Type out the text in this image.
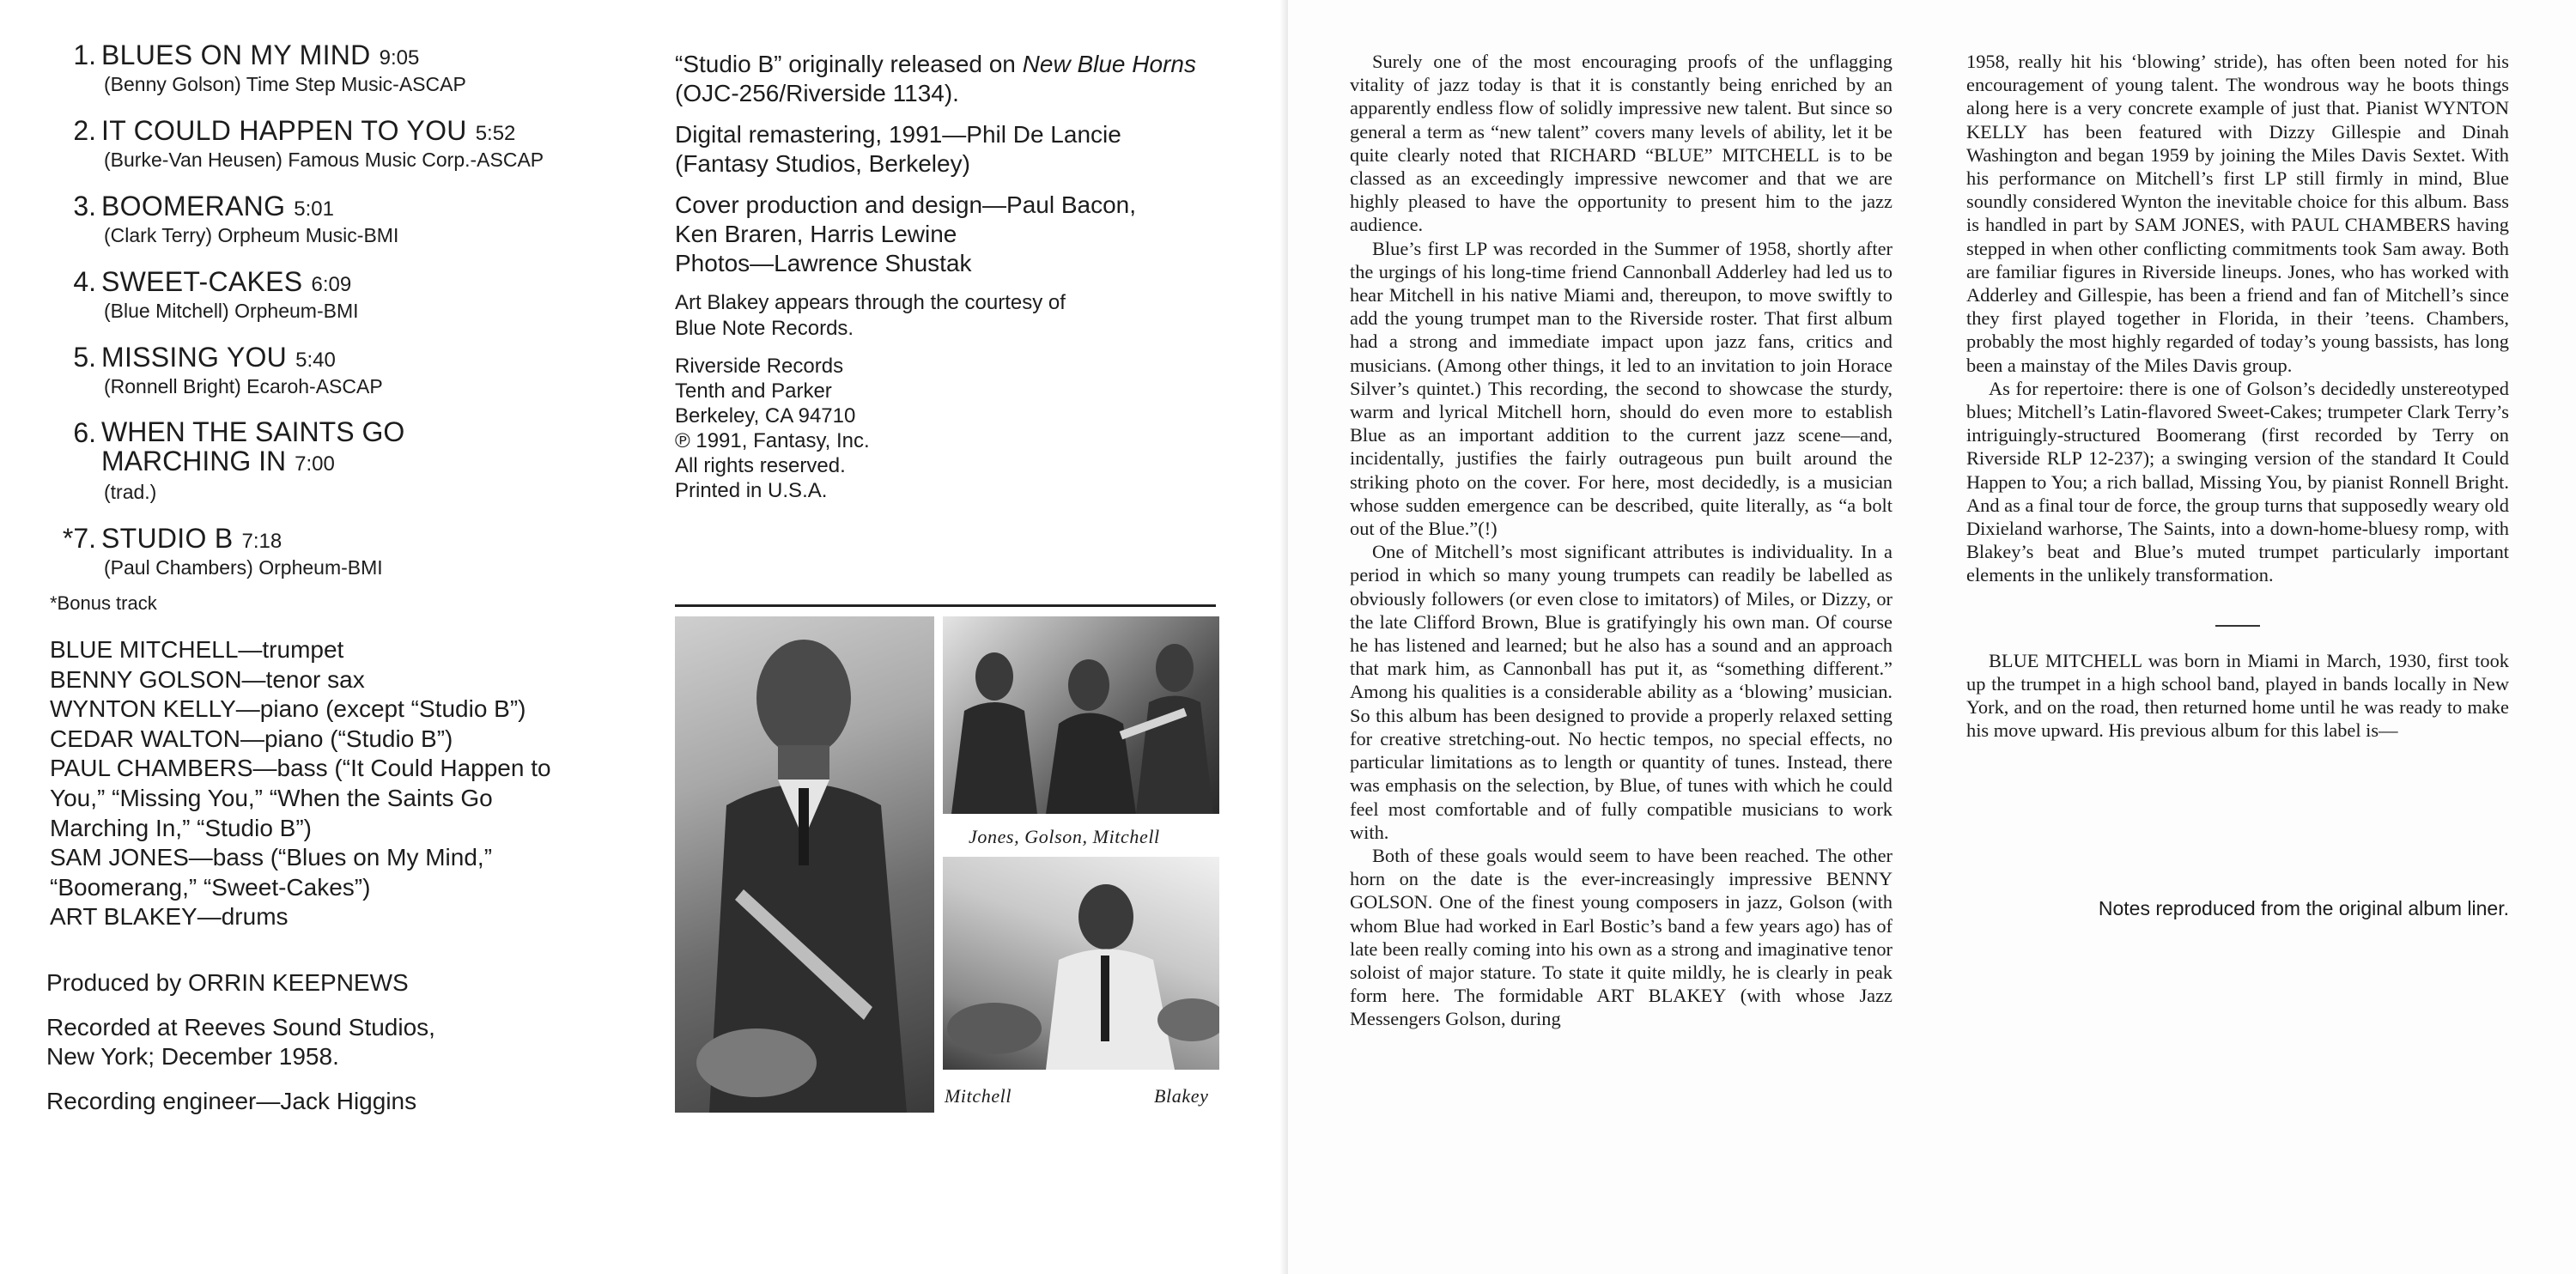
1. BLUES ON MY MIND 9:05
(Benny Golson) Time Step Music-ASCAP
2. IT COULD HAPPEN TO YOU 5:52
(Burke-Van Heusen) Famous Music Corp.-ASCAP
3. BOOMERANG 5:01
(Clark Terry) Orpheum Music-BMI
4. SWEET-CAKES 6:09
(Blue Mitchell) Orpheum-BMI
5. MISSING YOU 5:40
(Ronnell Bright) Ecaroh-ASCAP
6. WHEN THE SAINTS GO
MARCHING IN 7:00
(trad.)
*7. STUDIO B 7:18
(Paul Chambers) Orpheum-BMI
*Bonus track
BLUE MITCHELL—trumpet
BENNY GOLSON—tenor sax
WYNTON KELLY—piano (except “Studio B”)
CEDAR WALTON—piano (“Studio B”)
PAUL CHAMBERS—bass (“It Could Happen to
You,” “Missing You,” “When the Saints Go
Marching In,” “Studio B”)
SAM JONES—bass (“Blues on My Mind,”
“Boomerang,” “Sweet-Cakes”)
ART BLAKEY—drums

Produced by ORRIN KEEPNEWS

Recorded at Reeves Sound Studios,
New York; December 1958.

Recording engineer—Jack Higgins

“Studio B” originally released on New Blue Horns (OJC-256/Riverside 1134).

Digital remastering, 1991—Phil De Lancie
(Fantasy Studios, Berkeley)

Cover production and design—Paul Bacon,
Ken Braren, Harris Lewine
Photos—Lawrence Shustak

Art Blakey appears through the courtesy of
Blue Note Records.

Riverside Records
Tenth and Parker
Berkeley, CA 94710
℗ 1991, Fantasy, Inc.
All rights reserved.
Printed in U.S.A.

Jones, Golson, Mitchell
Mitchell	Blakey

Surely one of the most encouraging proofs of the unflagging vitality of jazz today is that it is constantly being enriched by an apparently endless flow of solidly impressive new talent. But since so general a term as “new talent” covers many levels of ability, let it be quite clearly noted that RICHARD “BLUE” MITCHELL is to be classed as an exceedingly impressive newcomer and that we are highly pleased to have the opportunity to present him to the jazz audience.

Blue’s first LP was recorded in the Summer of 1958, shortly after the urgings of his long-time friend Cannonball Adderley had led us to hear Mitchell in his native Miami and, thereupon, to move swiftly to add the young trumpet man to the Riverside roster. That first album had a strong and immediate impact upon jazz fans, critics and musicians. (Among other things, it led to an invitation to join Horace Silver’s quintet.) This recording, the second to showcase the sturdy, warm and lyrical Mitchell horn, should do even more to establish Blue as an important addition to the current jazz scene—and, incidentally, justifies the fairly outrageous pun built around the striking photo on the cover. For here, most decidedly, is a musician whose sudden emergence can be described, quite literally, as “a bolt out of the Blue.”(!)

One of Mitchell’s most significant attributes is individuality. In a period in which so many young trumpets can readily be labelled as obviously followers (or even close to imitators) of Miles, or Dizzy, or the late Clifford Brown, Blue is gratifyingly his own man. Of course he has listened and learned; but he also has a sound and an approach that mark him, as Cannonball has put it, as “something different.” Among his qualities is a considerable ability as a ‘blowing’ musician. So this album has been designed to provide a properly relaxed setting for creative stretching-out. No hectic tempos, no special effects, no particular limitations as to length or quantity of tunes. Instead, there was emphasis on the selection, by Blue, of tunes with which he could feel most comfortable and of fully compatible musicians to work with.

Both of these goals would seem to have been reached. The other horn on the date is the ever-increasingly impressive BENNY GOLSON. One of the finest young composers in jazz, Golson (with whom Blue had worked in Earl Bostic’s band a few years ago) has of late been really coming into his own as a strong and imaginative tenor soloist of major stature. To state it quite mildly, he is clearly in peak form here. The formidable ART BLAKEY (with whose Jazz Messengers Golson, during

1958, really hit his ‘blowing’ stride), has often been noted for his encouragement of young talent. The wondrous way he boots things along here is a very concrete example of just that. Pianist WYNTON KELLY has been featured with Dizzy Gillespie and Dinah Washington and began 1959 by joining the Miles Davis Sextet. With his performance on Mitchell’s first LP still firmly in mind, Blue soundly considered Wynton the inevitable choice for this album. Bass is handled in part by SAM JONES, with PAUL CHAMBERS having stepped in when other conflicting commitments took Sam away. Both are familiar figures in Riverside lineups. Jones, who has worked with Adderley and Gillespie, has been a friend and fan of Mitchell’s since they first played together in Florida, in their ’teens. Chambers, probably the most highly regarded of today’s young bassists, has long been a mainstay of the Miles Davis group.

As for repertoire: there is one of Golson’s decidedly unstereotyped blues; Mitchell’s Latin-flavored Sweet-Cakes; trumpeter Clark Terry’s intriguingly-structured Boomerang (first recorded by Terry on Riverside RLP 12-237); a swinging version of the standard It Could Happen to You; a rich ballad, Missing You, by pianist Ronnell Bright. And as a final tour de force, the group turns that supposedly weary old Dixieland warhorse, The Saints, into a down-home-bluesy romp, with Blakey’s beat and Blue’s muted trumpet particularly important elements in the unlikely transformation.

BLUE MITCHELL was born in Miami in March, 1930, first took up the trumpet in a high school band, played in bands locally in New York, and on the road, then returned home until he was ready to make his move upward. His previous album for this label is—

Notes reproduced from the original album liner.
